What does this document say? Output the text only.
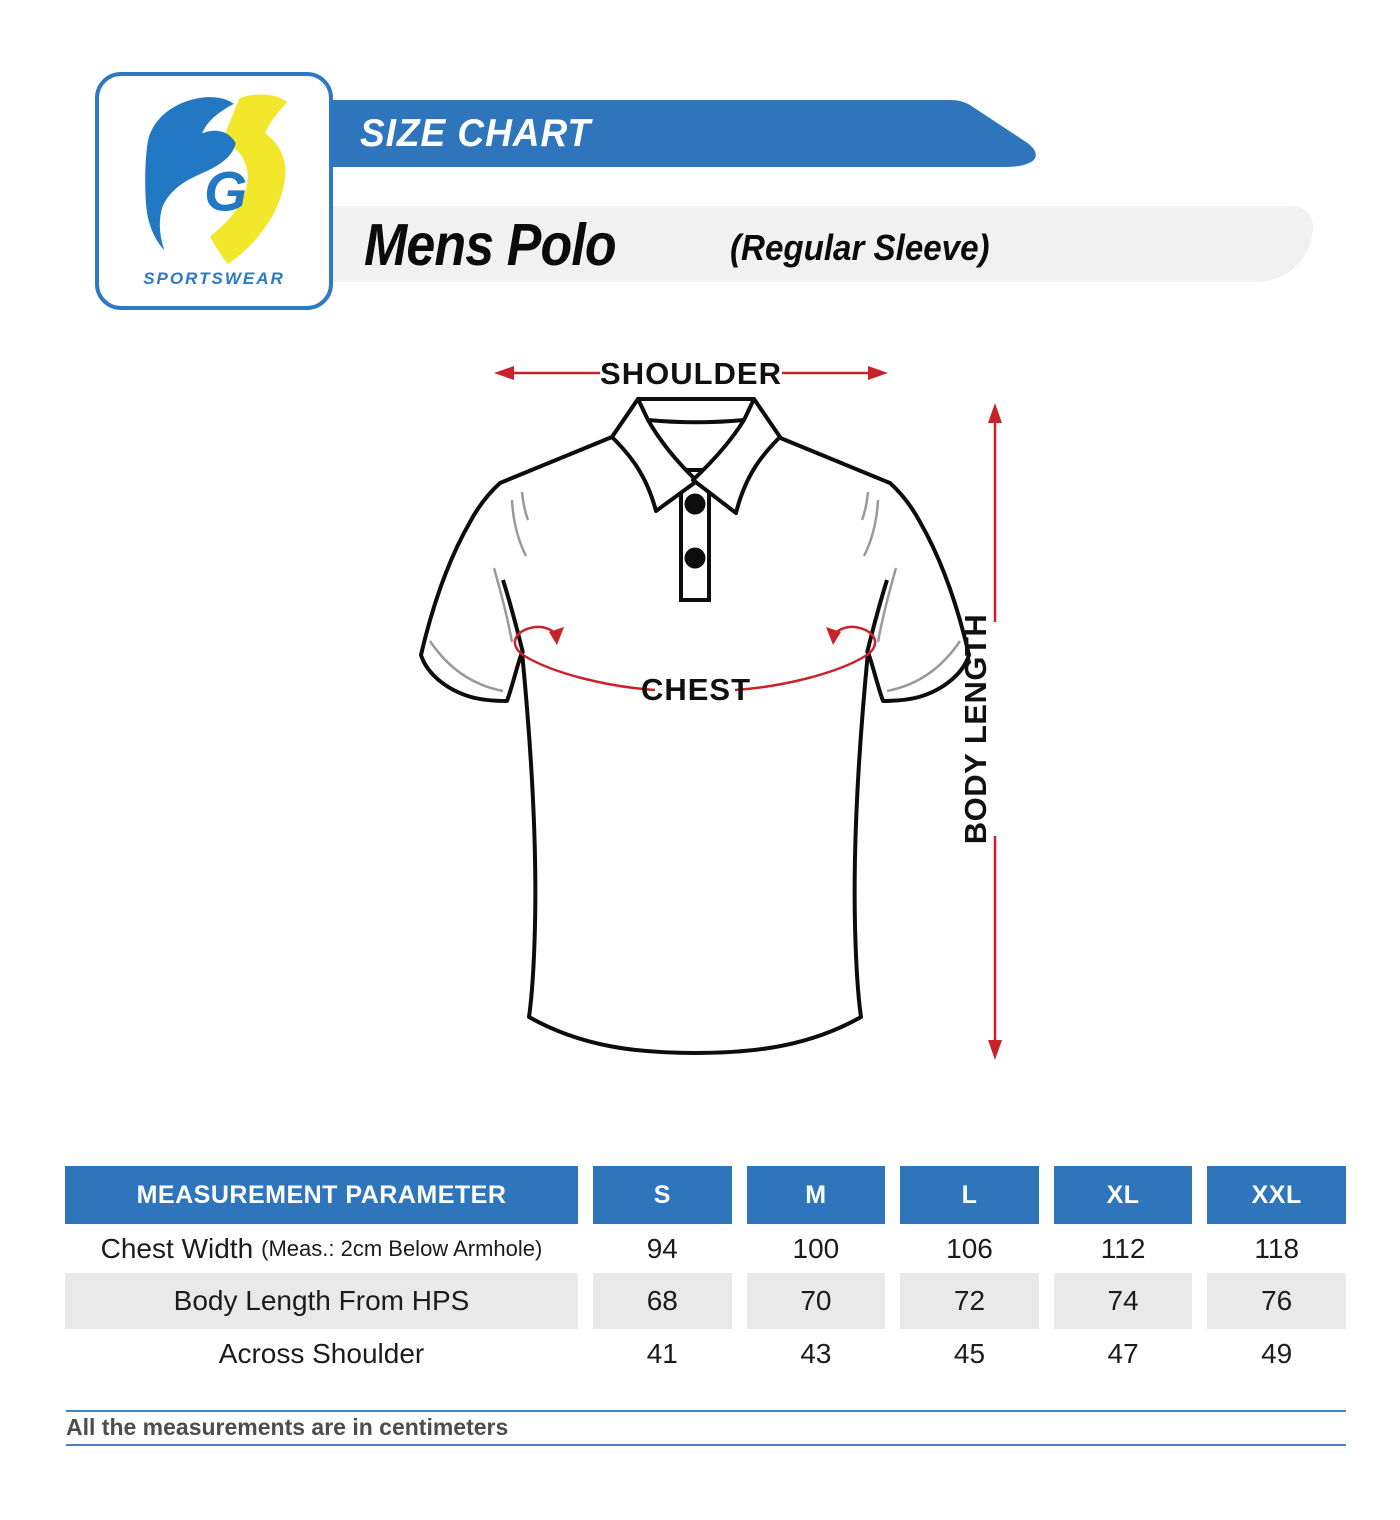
SIZE CHART
Mens Polo	(Regular Sleeve)
G
SPORTSWEAR
SHOULDER
CHEST	BODY LENGTH
MEASUREMENT PARAMETER	S	M	L	XL	XXL
Chest Width (Meas.: 2cm Below Armhole)	94	100	106	112	118
Body Length From HPS	68	70	72	74	76
Across Shoulder	41	43	45	47	49
All the measurements are in centimeters
